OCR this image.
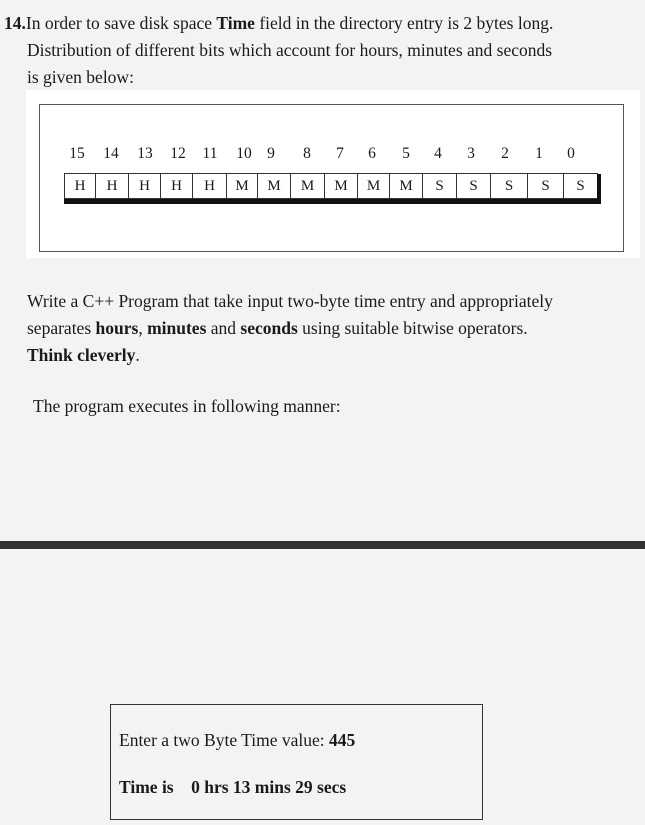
14.In order to save disk space Time field in the directory entry is 2 bytes long.
Distribution of different bits which account for hours, minutes and seconds
is given below:
15 14 13 12 11 10 9 8 7 6 5 4 3 2 1 0
H	H	H	H	H	M	M	M	M	M	M	S	S	S	S	S
Write a C++ Program that take input two-byte time entry and appropriately
separates hours, minutes and seconds using suitable bitwise operators.
Think cleverly.
The program executes in following manner:
Enter a two Byte Time value: 445
Time is 0 hrs 13 mins 29 secs
